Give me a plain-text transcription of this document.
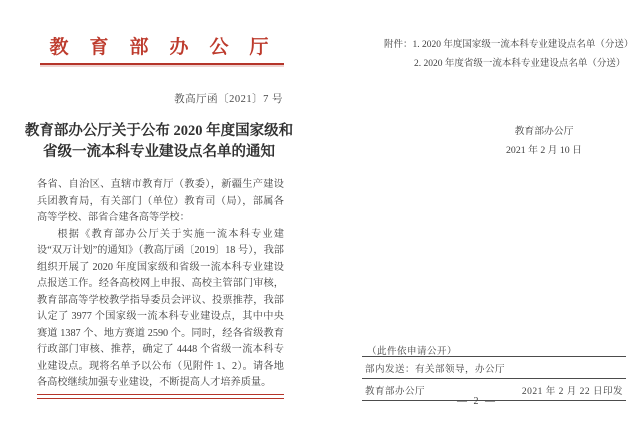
教育部办公厅
教高厅函〔2021〕7 号
教育部办公厅关于公布 2020 年度国家级和
省级一流本科专业建设点名单的通知

各省、自治区、直辖市教育厅（教委），新疆生产建设兵团教育局，有关部门（单位）教育司（局），部属各高等学校、部省合建各高等学校：

根据《教育部办公厅关于实施一流本科专业建设“双万计划”的通知》（教高厅函〔2019〕18 号），我部组织开展了 2020 年度国家级和省级一流本科专业建设点报送工作。经各高校网上申报、高校主管部门审核，教育部高等学校教学指导委员会评议、投票推荐，我部认定了 3977 个国家级一流本科专业建设点，其中中央赛道 1387 个、地方赛道 2590 个。同时，经各省级教育行政部门审核、推荐，确定了 4448 个省级一流本科专业建设点。现将名单予以公布（见附件 1、2）。请各地各高校继续加强专业建设，不断提高人才培养质量。

附件：1. 2020 年度国家级一流本科专业建设点名单（分送）
2. 2020 年度省级一流本科专业建设点名单（分送）
教育部办公厅
2021 年 2 月 10 日
（此件依申请公开）
部内发送：有关部领导，办公厅
教育部办公厅	2021 年 2 月 22 日印发
— 2 —
